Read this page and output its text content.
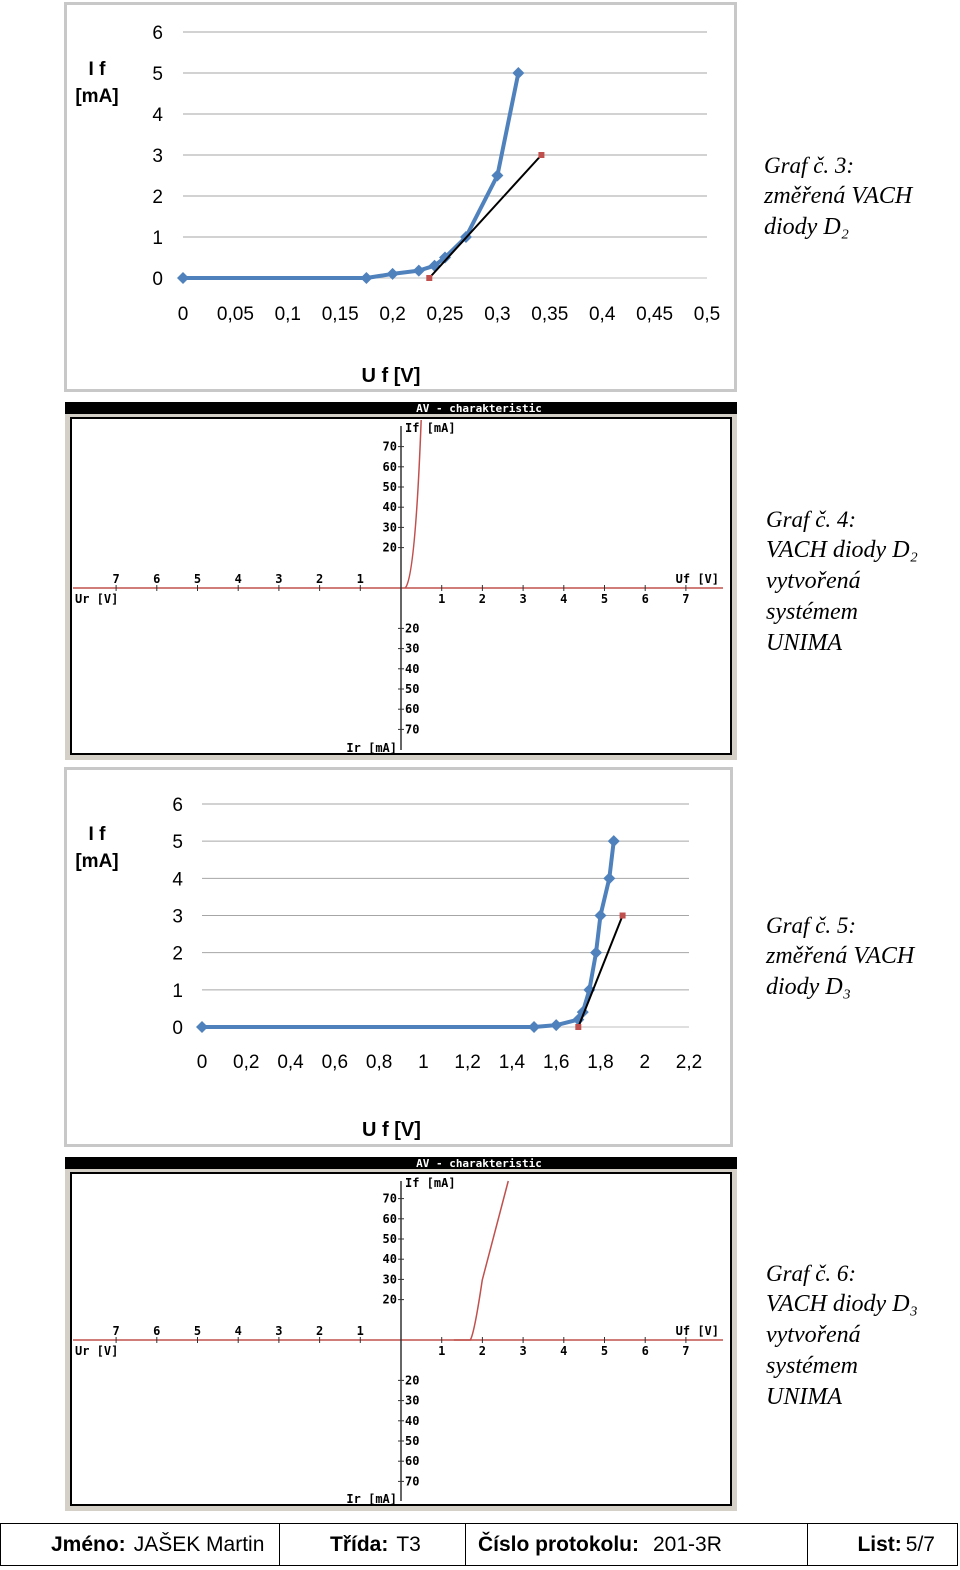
0
1
2
3
4
5
6
0 0,05 0,1 0,15 0,2 0,25 0,3 0,35 0,4 0,45 0,5
I f
[mA]
U f [V]
Graf č. 3:
změřená VACH
diody D₂
AV - charakteristic
1	2	3	4	5	6	7
7	6	5	4	3	2	1
70
70
60
60
50
50
40
40
30
30
20
20
If [mA]
Ir [mA]
Uf [V]
Ur [V]
Graf č. 4:
VACH diody D₂
vytvořená
systémem
UNIMA
0
1
2
3
4
5
6
0 0,2 0,4 0,6 0,8 1 1,2 1,4 1,6 1,8 2 2,2
I f
[mA]
U f [V]
Graf č. 5:
změřená VACH
diody D₃
AV - charakteristic
1	2	3	4	5	6	7
7	6	5	4	3	2	1
70
70
60
60
50
50
40
40
30
30
20
20
If [mA]
Ir [mA]
Uf [V]
Ur [V]
Graf č. 6:
VACH diody D₃
vytvořená
systémem
UNIMA
Jméno: JAŠEK Martin	Třída: T3	Číslo protokolu: 201-3R	List: 5/7
